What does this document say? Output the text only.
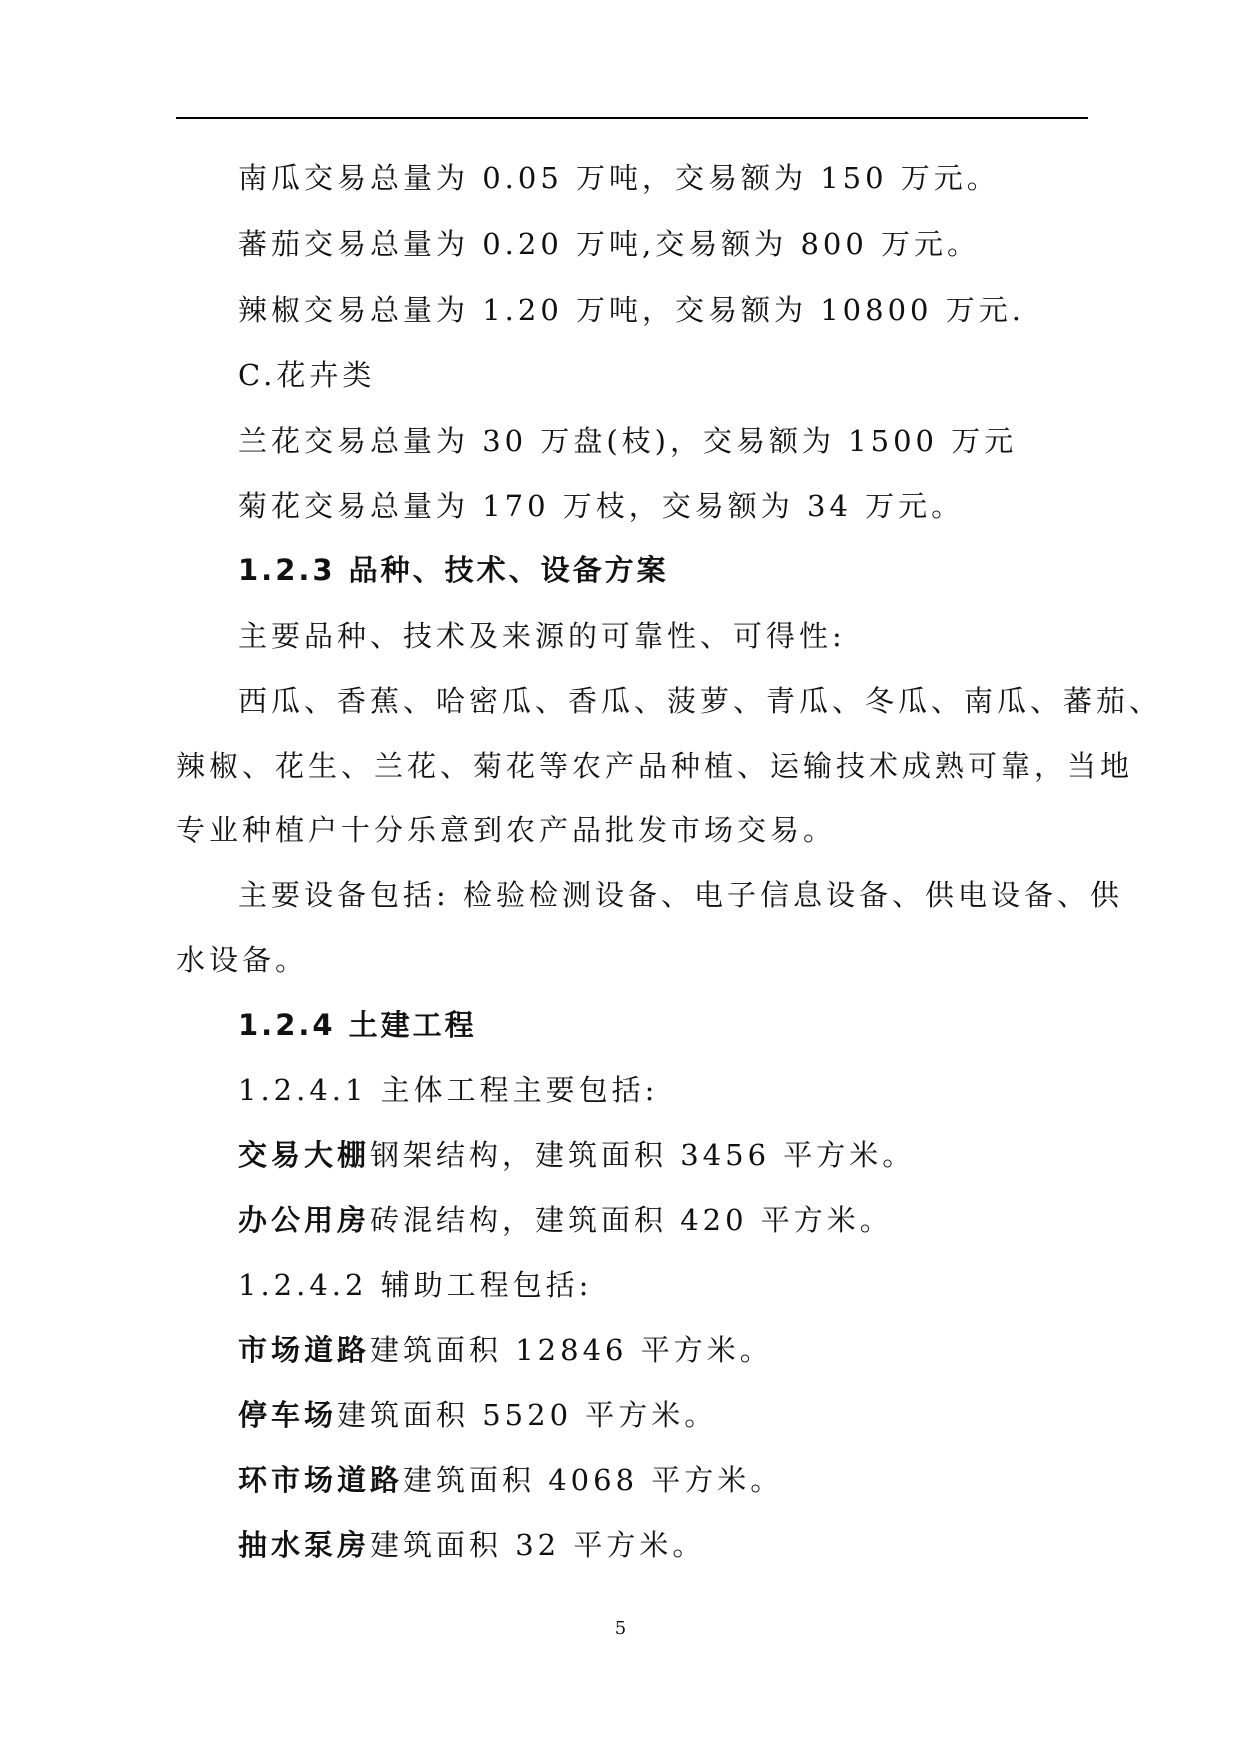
南瓜交易总量为 0.05 万吨，交易额为 150 万元。
蕃茄交易总量为 0.20 万吨,交易额为 800 万元。
辣椒交易总量为 1.20 万吨，交易额为 10800 万元.
C.花卉类
兰花交易总量为 30 万盘(枝)，交易额为 1500 万元
菊花交易总量为 170 万枝，交易额为 34 万元。
1.2.3 品种、技术、设备方案
主要品种、技术及来源的可靠性、可得性:
西瓜、香蕉、哈密瓜、香瓜、菠萝、青瓜、冬瓜、南瓜、蕃茄、
辣椒、花生、兰花、菊花等农产品种植、运输技术成熟可靠，当地
专业种植户十分乐意到农产品批发市场交易。
主要设备包括: 检验检测设备、电子信息设备、供电设备、供
水设备。
1.2.4 土建工程
1.2.4.1 主体工程主要包括:
交易大棚钢架结构，建筑面积 3456 平方米。
办公用房砖混结构，建筑面积 420 平方米。
1.2.4.2 辅助工程包括:
市场道路建筑面积 12846 平方米。
停车场建筑面积 5520 平方米。
环市场道路建筑面积 4068 平方米。
抽水泵房建筑面积 32 平方米。
5
